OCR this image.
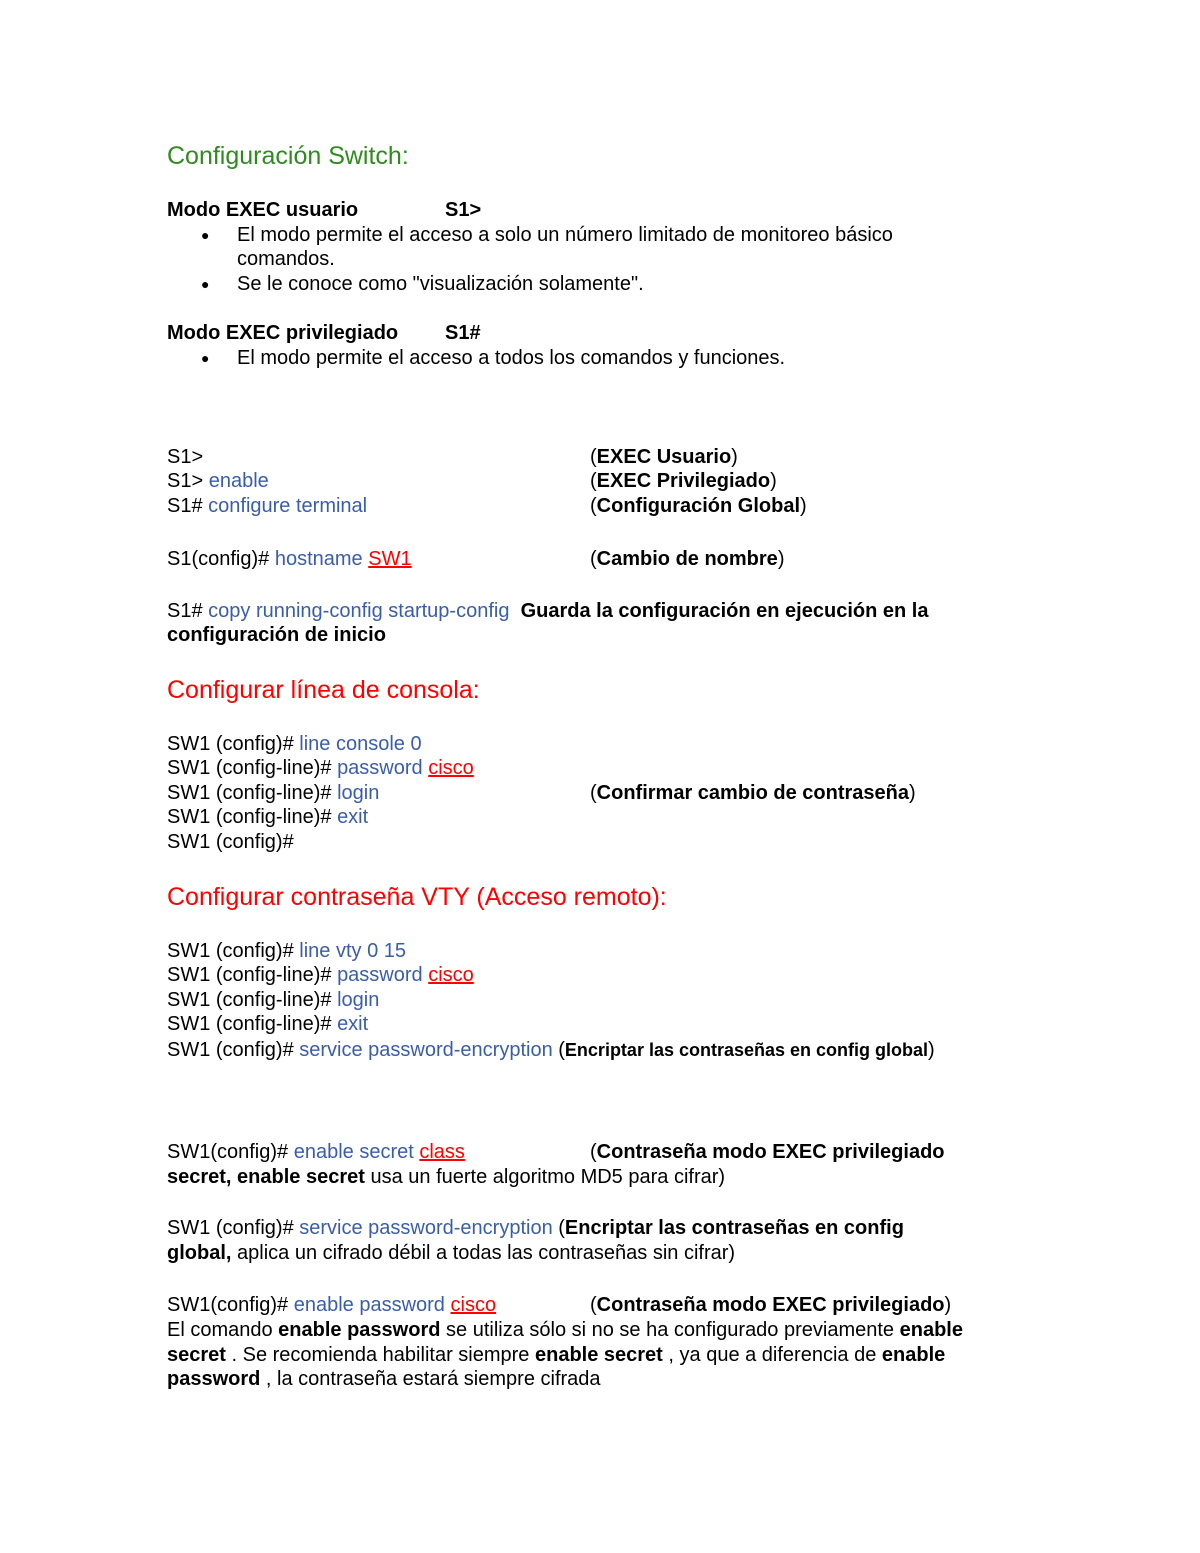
Configuración Switch:
Modo EXEC usuario	S1>
● El modo permite el acceso a solo un número limitado de monitoreo básico
comandos.
● Se le conoce como "visualización solamente".
Modo EXEC privilegiado S1#
● El modo permite el acceso a todos los comandos y funciones.
S1>	(EXEC Usuario)
S1> enable	(EXEC Privilegiado)
S1# configure terminal	(Configuración Global)
S1(config)# hostname SW1	(Cambio de nombre)
S1# copy running-config startup-config Guarda la configuración en ejecución en la
configuración de inicio
Configurar línea de consola:
SW1 (config)# line console 0
SW1 (config-line)# password cisco
SW1 (config-line)# login	(Confirmar cambio de contraseña)
SW1 (config-line)# exit
SW1 (config)#
Configurar contraseña VTY (Acceso remoto):
SW1 (config)# line vty 0 15
SW1 (config-line)# password cisco
SW1 (config-line)# login
SW1 (config-line)# exit
SW1 (config)# service password-encryption (Encriptar las contraseñas en config global)
SW1(config)# enable secret class	(Contraseña modo EXEC privilegiado
secret, enable secret usa un fuerte algoritmo MD5 para cifrar)
SW1 (config)# service password-encryption (Encriptar las contraseñas en config
global, aplica un cifrado débil a todas las contraseñas sin cifrar)
SW1(config)# enable password cisco	(Contraseña modo EXEC privilegiado)
El comando enable password se utiliza sólo si no se ha configurado previamente enable
secret . Se recomienda habilitar siempre enable secret , ya que a diferencia de enable
password , la contraseña estará siempre cifrada
